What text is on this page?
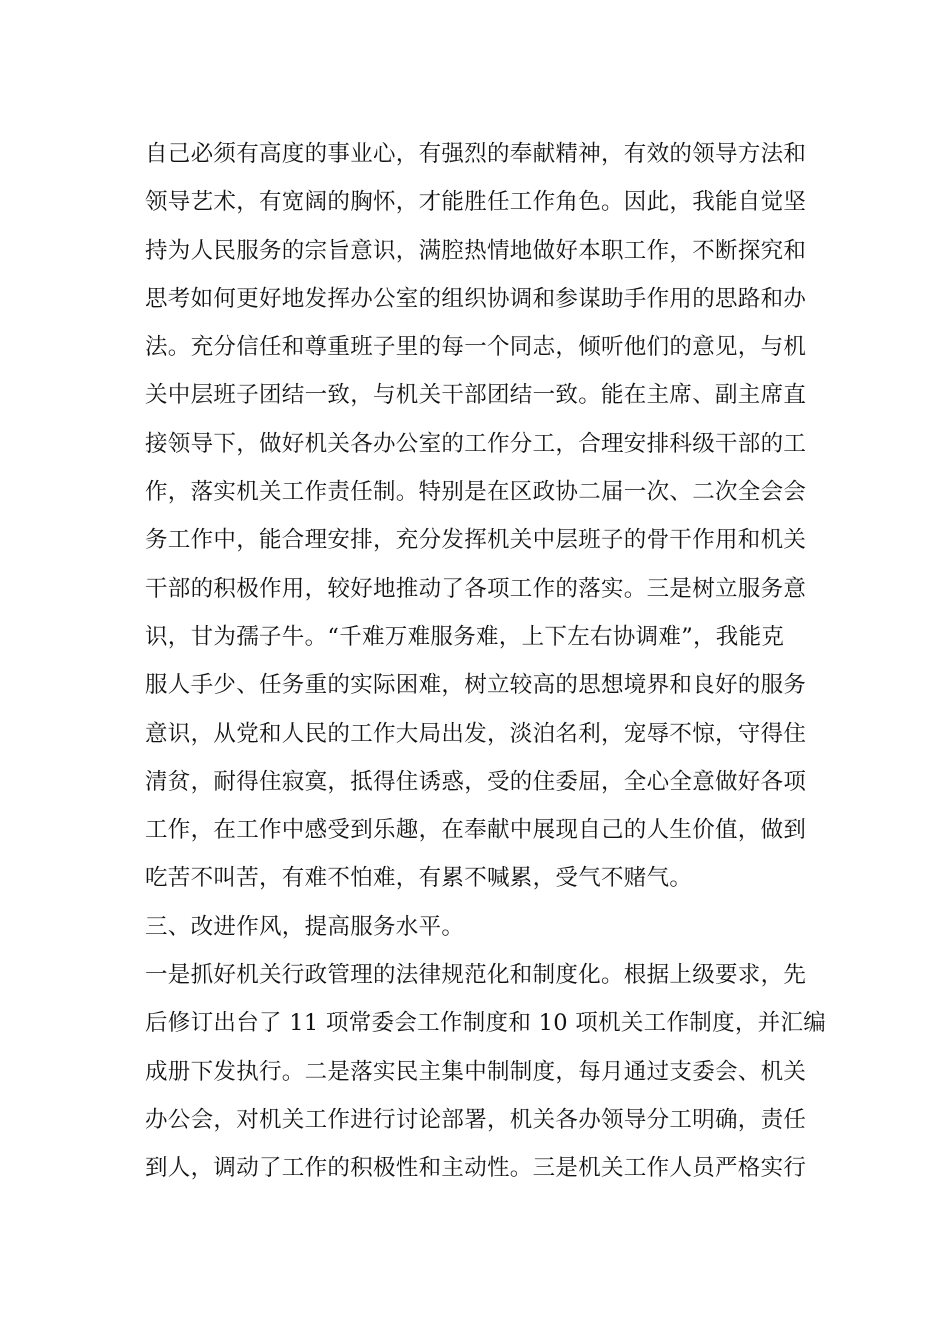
自己必须有高度的事业心，有强烈的奉献精神，有效的领导方法和
领导艺术，有宽阔的胸怀，才能胜任工作角色。因此，我能自觉坚
持为人民服务的宗旨意识，满腔热情地做好本职工作，不断探究和
思考如何更好地发挥办公室的组织协调和参谋助手作用的思路和办
法。充分信任和尊重班子里的每一个同志，倾听他们的意见，与机
关中层班子团结一致，与机关干部团结一致。能在主席、副主席直
接领导下，做好机关各办公室的工作分工，合理安排科级干部的工
作，落实机关工作责任制。特别是在区政协二届一次、二次全会会
务工作中，能合理安排，充分发挥机关中层班子的骨干作用和机关
干部的积极作用，较好地推动了各项工作的落实。三是树立服务意
识，甘为孺子牛。“千难万难服务难，上下左右协调难”，我能克
服人手少、任务重的实际困难，树立较高的思想境界和良好的服务
意识，从党和人民的工作大局出发，淡泊名利，宠辱不惊，守得住
清贫，耐得住寂寞，抵得住诱惑，受的住委屈，全心全意做好各项
工作，在工作中感受到乐趣，在奉献中展现自己的人生价值，做到
吃苦不叫苦，有难不怕难，有累不喊累，受气不赌气。
三、改进作风，提高服务水平。
一是抓好机关行政管理的法律规范化和制度化。根据上级要求，先
后修订出台了 11 项常委会工作制度和 10 项机关工作制度，并汇编
成册下发执行。二是落实民主集中制制度，每月通过支委会、机关
办公会，对机关工作进行讨论部署，机关各办领导分工明确，责任
到人，调动了工作的积极性和主动性。三是机关工作人员严格实行
